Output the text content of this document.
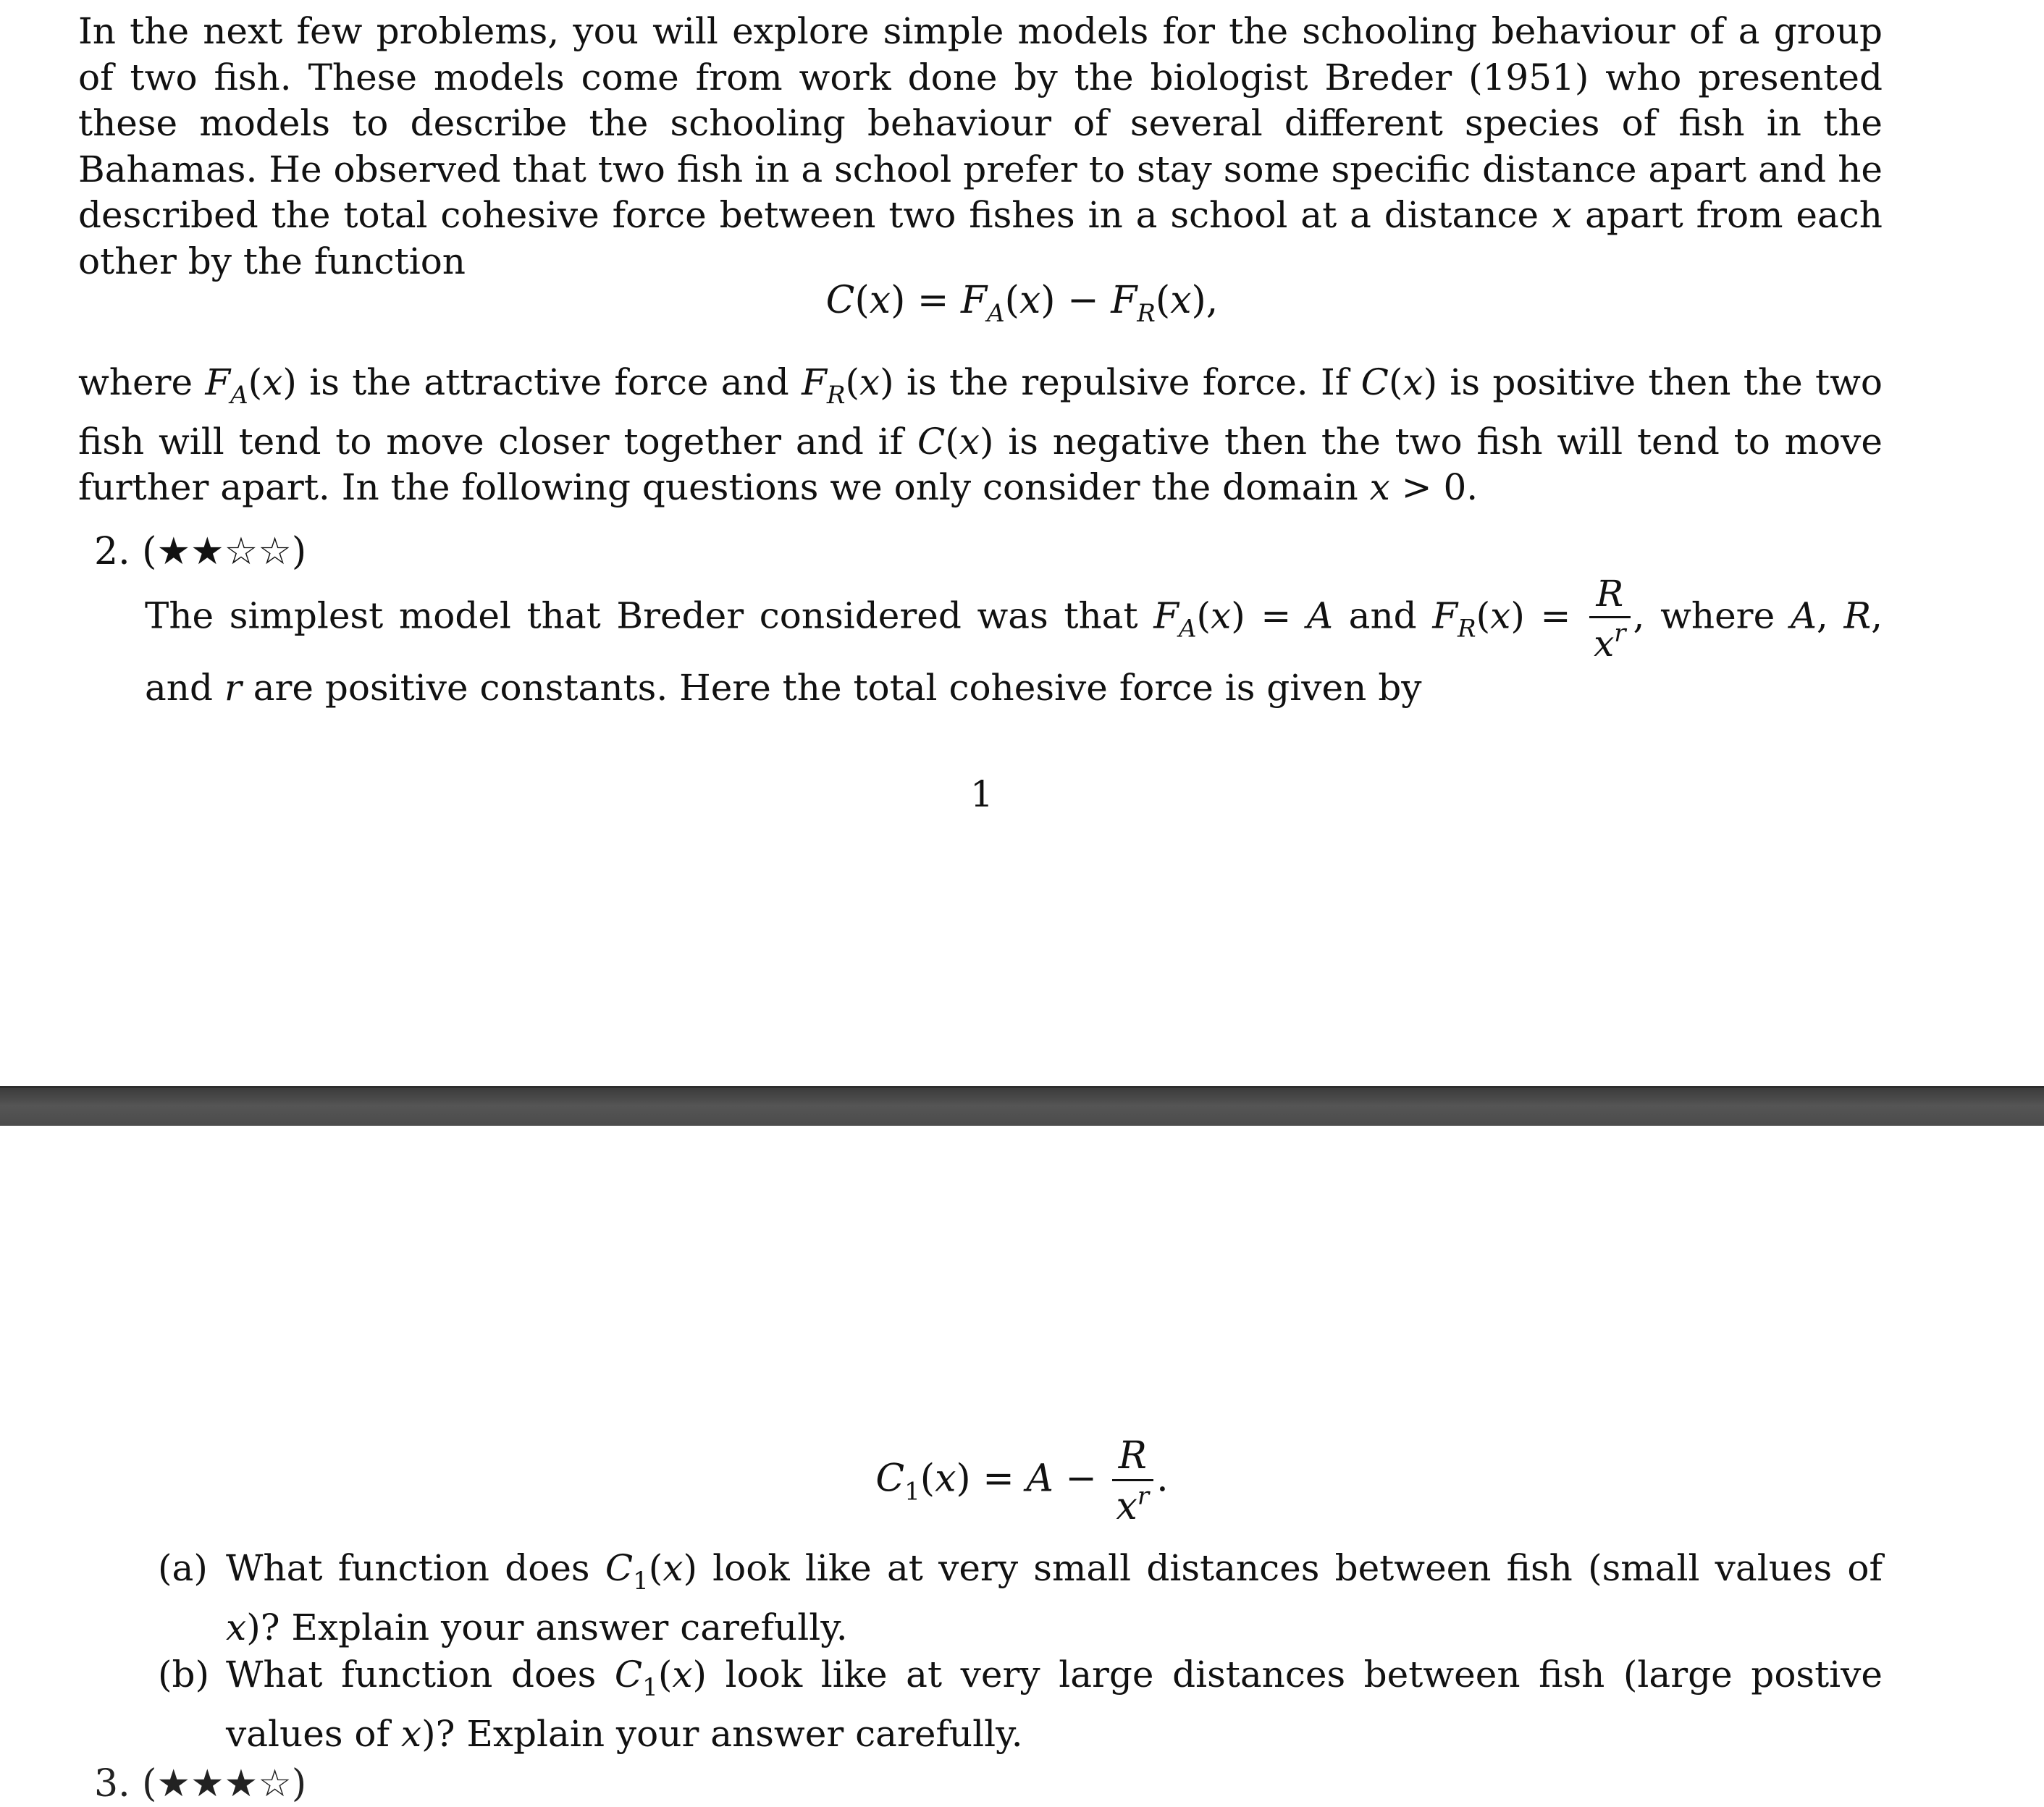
In the next few problems, you will explore simple models for the schooling behaviour of a group of two fish. These models come from work done by the biologist Breder (1951) who presented these models to describe the schooling behaviour of several different species of fish in the Bahamas. He observed that two fish in a school prefer to stay some specific distance apart and he described the total cohesive force between two fishes in a school at a distance x apart from each other by the function

$C(x) = F_A(x) - F_R(x)$,

where $F_A(x)$ is the attractive force and $F_R(x)$ is the repulsive force. If C(x) is positive then the two fish will tend to move closer together and if C(x) is negative then the two fish will tend to move further apart. In the following questions we only consider the domain x > 0.

2. (★★☆☆)

The simplest model that Breder considered was that $F_A(x) = A$ and $F_R(x) = \frac{R}{x^r}$ , where A, R, and r are positive constants. Here the total cohesive force is given by

1
$C_1(x) = A - \frac{R}{x^r}$ .
(a) What function does $C_1(x)$ look like at very small distances between fish (small values of x)? Explain your answer carefully.

(b) What function does $C_1(x)$ look like at very large distances between fish (large postive values of x)? Explain your answer carefully.

3. (★★★☆)
